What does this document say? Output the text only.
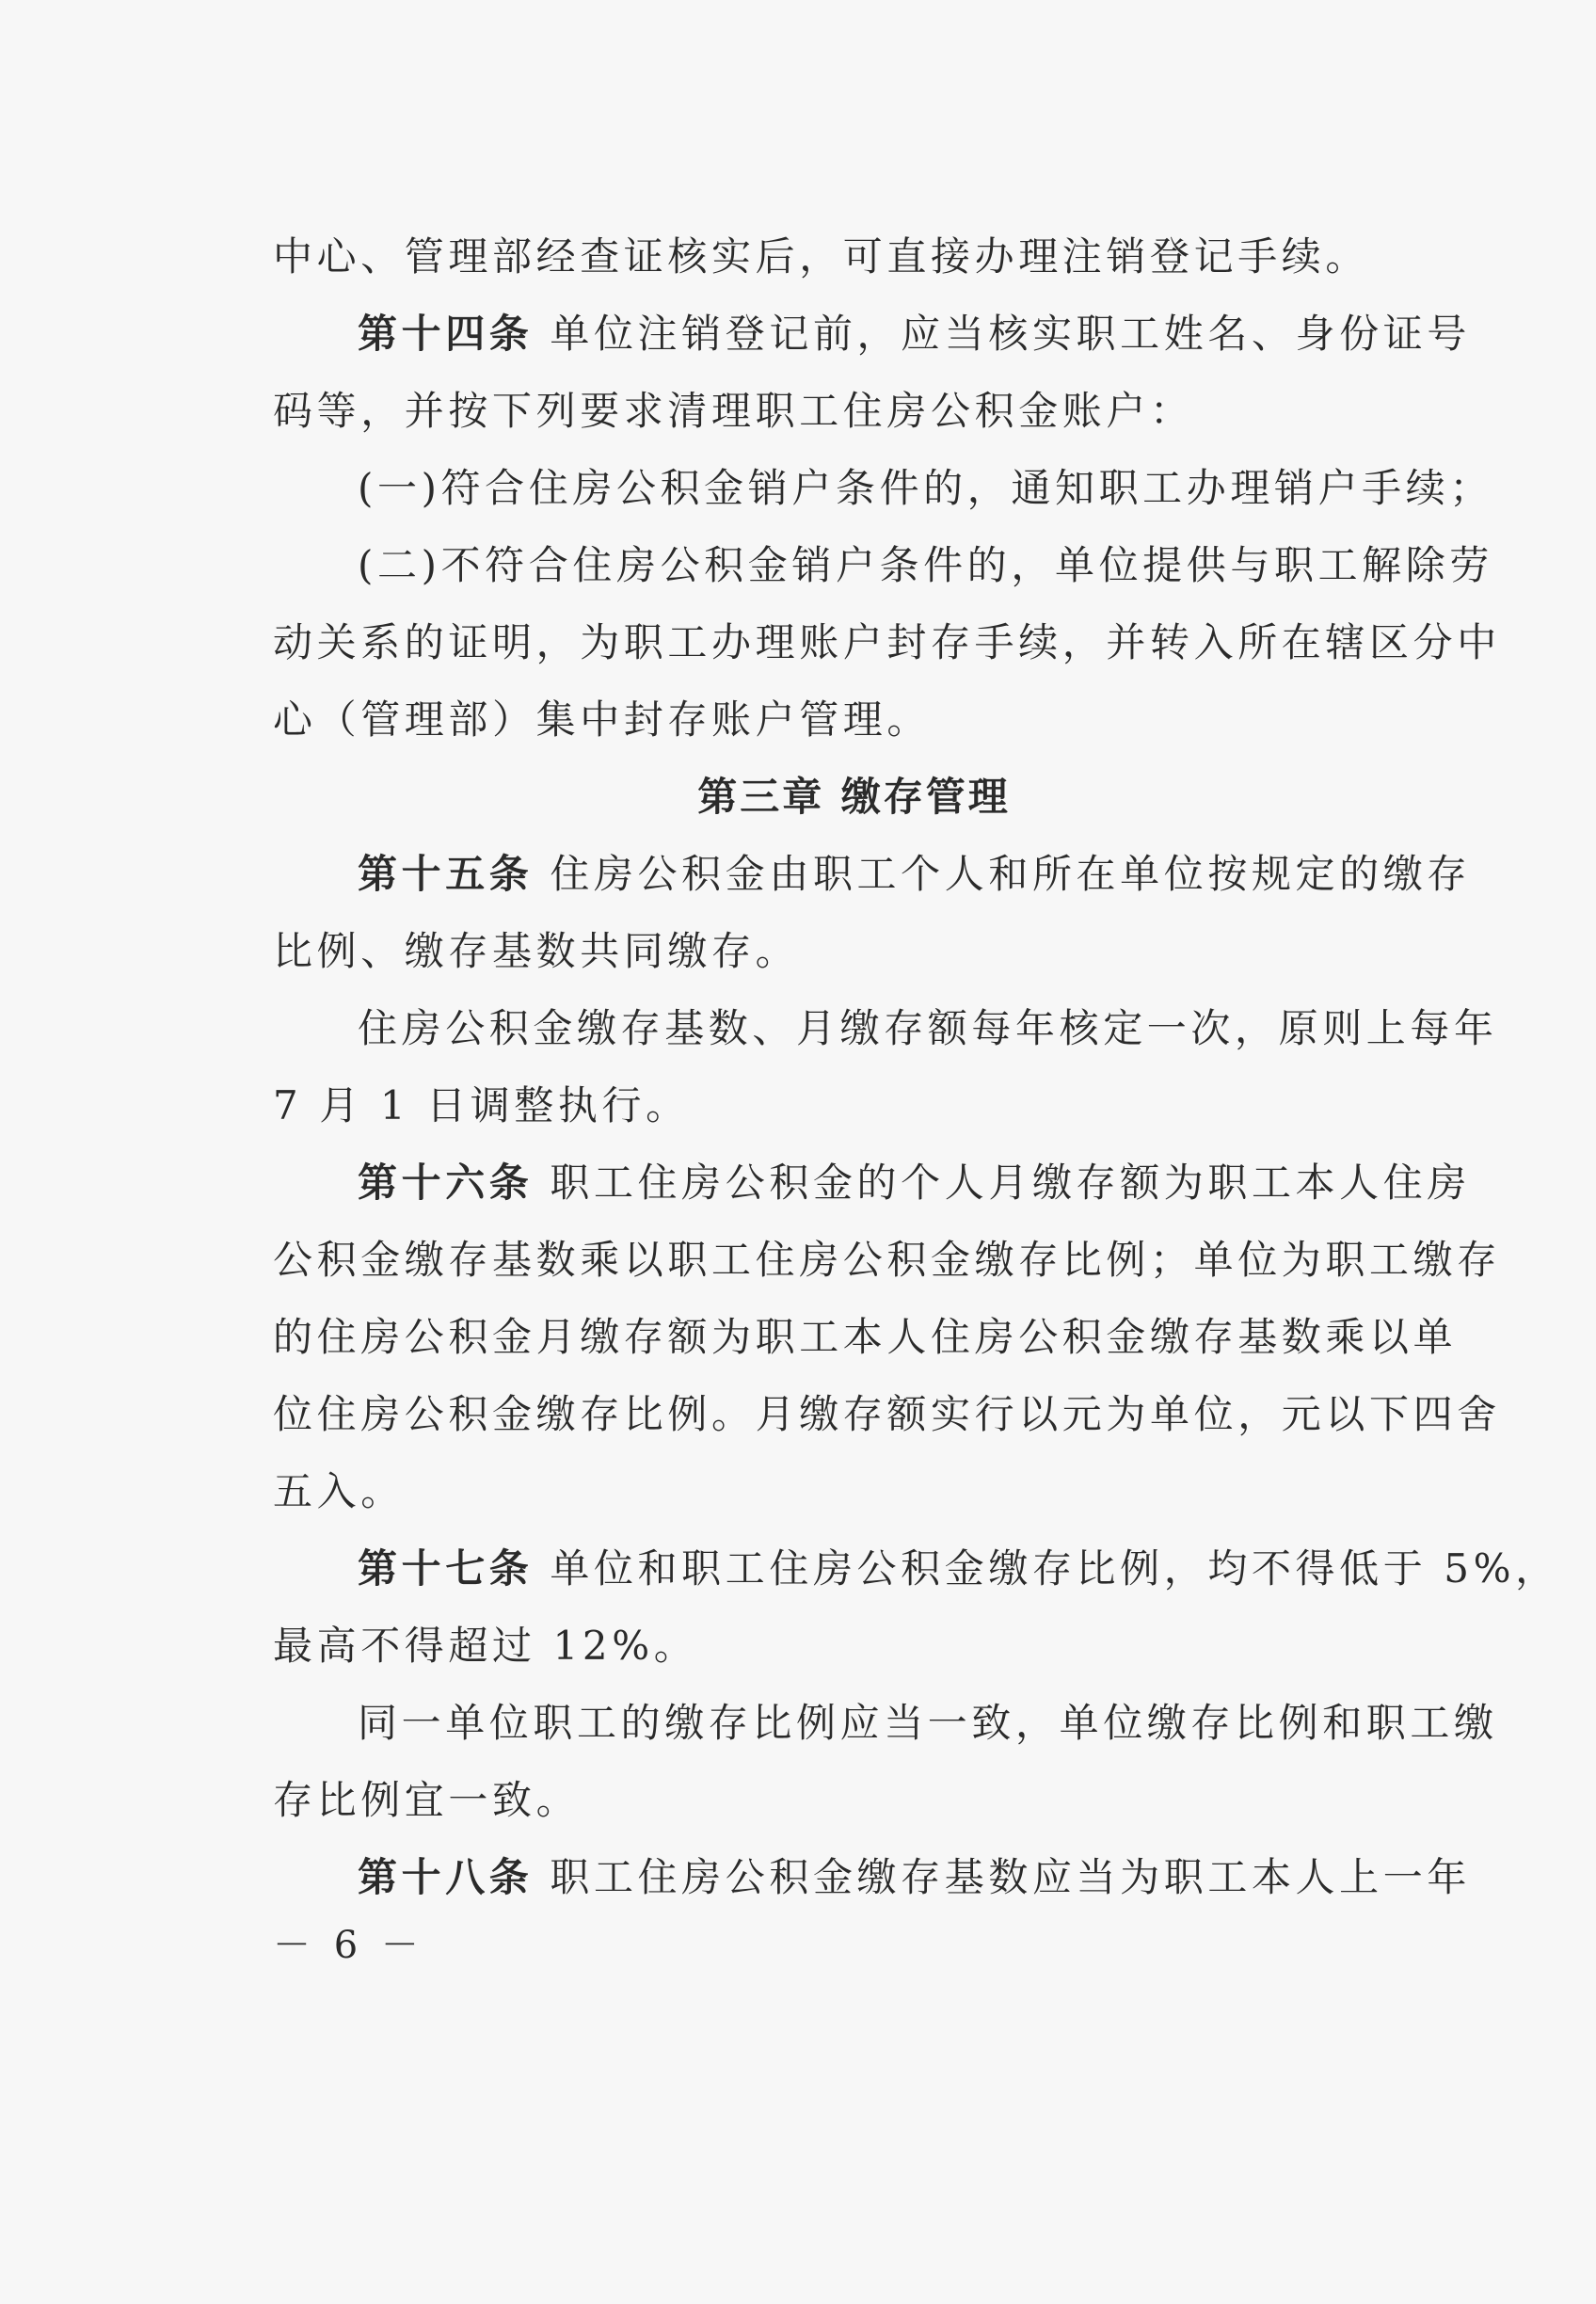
中心、管理部经查证核实后，可直接办理注销登记手续。
第十四条 单位注销登记前，应当核实职工姓名、身份证号
码等，并按下列要求清理职工住房公积金账户：
(一)符合住房公积金销户条件的，通知职工办理销户手续；
(二)不符合住房公积金销户条件的，单位提供与职工解除劳
动关系的证明，为职工办理账户封存手续，并转入所在辖区分中
心（管理部）集中封存账户管理。
第三章 缴存管理
第十五条 住房公积金由职工个人和所在单位按规定的缴存
比例、缴存基数共同缴存。
住房公积金缴存基数、月缴存额每年核定一次，原则上每年
7 月 1 日调整执行。
第十六条 职工住房公积金的个人月缴存额为职工本人住房
公积金缴存基数乘以职工住房公积金缴存比例；单位为职工缴存
的住房公积金月缴存额为职工本人住房公积金缴存基数乘以单
位住房公积金缴存比例。月缴存额实行以元为单位，元以下四舍
五入。
第十七条 单位和职工住房公积金缴存比例，均不得低于 5%，
最高不得超过 12%。
同一单位职工的缴存比例应当一致，单位缴存比例和职工缴
存比例宜一致。
第十八条 职工住房公积金缴存基数应当为职工本人上一年
－ 6 －
